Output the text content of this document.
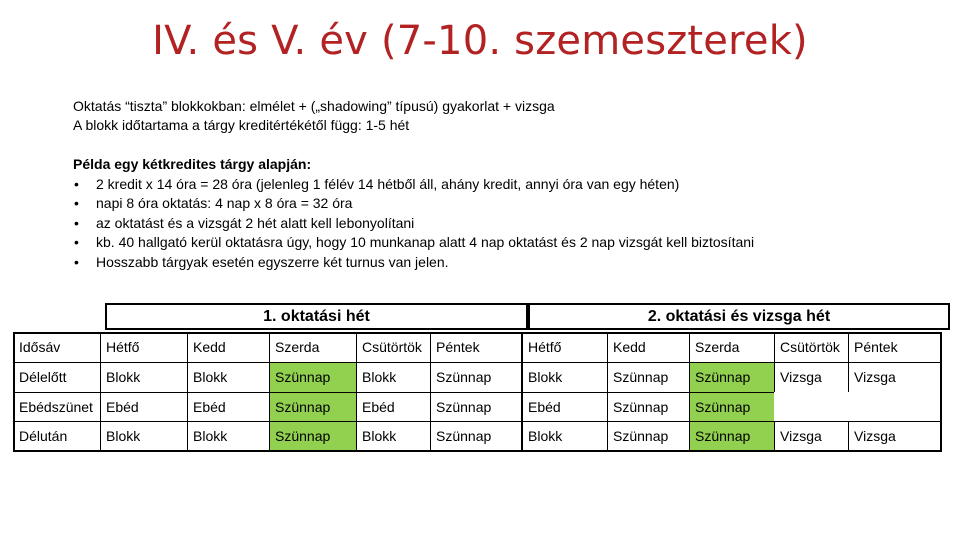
IV. és V. év (7-10. szemeszterek)
Oktatás “tiszta” blokkokban: elmélet + („shadowing” típusú) gyakorlat + vizsga
A blokk időtartama a tárgy kreditértékétől függ: 1-5 hét
Példa egy kétkredites tárgy alapján:
• 2 kredit x 14 óra = 28 óra (jelenleg 1 félév 14 hétből áll, ahány kredit, annyi óra van egy héten)
• napi 8 óra oktatás: 4 nap x 8 óra = 32 óra
• az oktatást és a vizsgát 2 hét alatt kell lebonyolítani
• kb. 40 hallgató kerül oktatásra úgy, hogy 10 munkanap alatt 4 nap oktatást és 2 nap vizsgát kell biztosítani
• Hosszabb tárgyak esetén egyszerre két turnus van jelen.
1. oktatási hét	2. oktatási és vizsga hét
Idősáv	Hétfő	Kedd	Szerda	Csütörtök	Péntek	Hétfő	Kedd	Szerda	Csütörtök	Péntek
Délelőtt	Blokk	Blokk	Szünnap	Blokk	Szünnap	Blokk	Szünnap	Szünnap	Vizsga	Vizsga
Ebédszünet Ebéd	Ebéd	Szünnap	Ebéd	Szünnap	Ebéd	Szünnap	Szünnap
Délután	Blokk	Blokk	Szünnap	Blokk	Szünnap	Blokk	Szünnap	Szünnap	Vizsga	Vizsga
